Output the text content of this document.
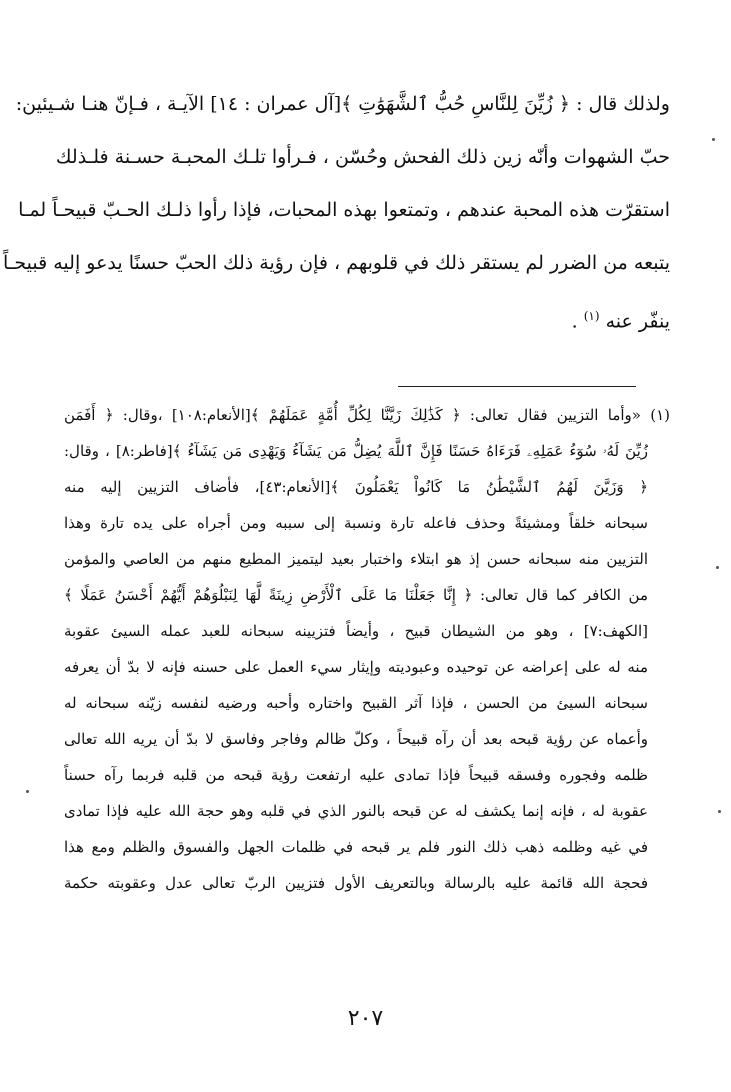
ولذلك قال : ﴿ زُيِّنَ لِلنَّاسِ حُبُّ ٱلشَّهَوَٰتِ ﴾[آل عمران : ١٤] الآيـة ، فـإنّ هنـا شـيئين:
حبّ الشهوات وأنّه زين ذلك الفحش وحُسّن ، فـرأوا تلـك المحبـة حسـنة فلـذلك
استقرّت هذه المحبة عندهم ، وتمتعوا بهذه المحبات، فإذا رأوا ذلـك الحـبّ قبيحـاً لمـا
يتبعه من الضرر لم يستقر ذلك في قلوبهم ، فإن رؤية ذلك الحبّ حسنًا يدعو إليه قبيحـاً
ينفّر عنه $^{(١)}$ .
(١) «وأما التزيين فقال تعالى: ﴿ كَذَٰلِكَ زَيَّنَّا لِكُلِّ أُمَّةٍ عَمَلَهُمْ ﴾[الأنعام:١٠٨] ،وقال: ﴿ أَفَمَن
زُيِّنَ لَهُۥ سُوٓءُ عَمَلِهِۦ فَرَءَاهُ حَسَنًا فَإِنَّ ٱللَّهَ يُضِلُّ مَن يَشَآءُ وَيَهْدِى مَن يَشَآءُ ﴾[فاطر:٨] ، وقال:
﴿ وَزَيَّنَ لَهُمُ ٱلشَّيْطَٰنُ مَا كَانُواْ يَعْمَلُونَ ﴾[الأنعام:٤٣]، فأضاف التزيين إليه منه
سبحانه خلقاً ومشيئةً وحذف فاعله تارة ونسبة إلى سببه ومن أجراه على يده تارة وهذا
التزيين منه سبحانه حسن إذ هو ابتلاء واختبار بعيد ليتميز المطيع منهم من العاصي والمؤمن
من الكافر كما قال تعالى: ﴿ إِنَّا جَعَلْنَا مَا عَلَى ٱلْأَرْضِ زِينَةً لَّهَا لِنَبْلُوَهُمْ أَيُّهُمْ أَحْسَنُ عَمَلًا ﴾
[الكهف:٧] ، وهو من الشيطان قبيح ، وأيضاً فتزيينه سبحانه للعبد عمله السيئ عقوبة
منه له على إعراضه عن توحيده وعبوديته وإيثار سيء العمل على حسنه فإنه لا بدّ أن يعرفه
سبحانه السيئ من الحسن ، فإذا آثر القبيح واختاره وأحبه ورضيه لنفسه زيّنه سبحانه له
وأعماه عن رؤية قبحه بعد أن رآه قبيحاً ، وكلّ ظالم وفاجر وفاسق لا بدّ أن يريه الله تعالى
ظلمه وفجوره وفسقه قبيحاً فإذا تمادى عليه ارتفعت رؤية قبحه من قلبه فربما رآه حسناً
عقوبة له ، فإنه إنما يكشف له عن قبحه بالنور الذي في قلبه وهو حجة الله عليه فإذا تمادى
في غيه وظلمه ذهب ذلك النور فلم ير قبحه في ظلمات الجهل والفسوق والظلم ومع هذا
فحجة الله قائمة عليه بالرسالة وبالتعريف الأول فتزيين الربّ تعالى عدل وعقوبته حكمة
٢٠٧
